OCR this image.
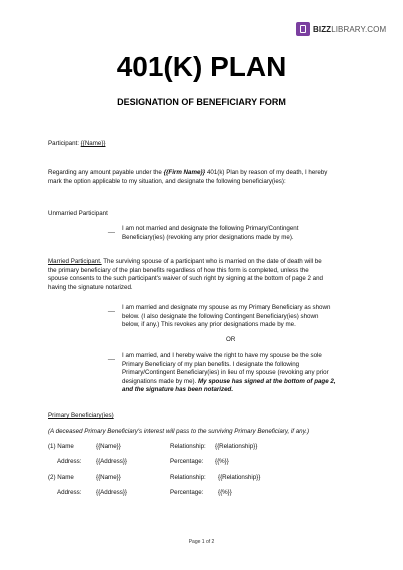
BIZZLIBRARY.COM
401(K) PLAN
DESIGNATION OF BENEFICIARY FORM
Participant: {{Name}}
Regarding any amount payable under the {{Firm Name}} 401(k) Plan by reason of my death, I hereby
mark the option applicable to my situation, and designate the following beneficiary(ies):
Unmarried Participant
__ I am not married and designate the following Primary/Contingent
Beneficiary(ies) (revoking any prior designations made by me).
Married Participant. The surviving spouse of a participant who is married on the date of death will be
the primary beneficiary of the plan benefits regardless of how this form is completed, unless the
spouse consents to the such participant's waiver of such right by signing at the bottom of page 2 and
having the signature notarized.
__ I am married and designate my spouse as my Primary Beneficiary as shown
below. (I also designate the following Contingent Beneficiary(ies) shown
below, if any.) This revokes any prior designations made by me.
OR
__ I am married, and I hereby waive the right to have my spouse be the sole
Primary Beneficiary of my plan benefits. I designate the following
Primary/Contingent Beneficiary(ies) in lieu of my spouse (revoking any prior
designations made by me). My spouse has signed at the bottom of page 2,
and the signature has been notarized.
Primary Beneficiary(ies)
(A deceased Primary Beneficiary's interest will pass to the surviving Primary Beneficiary, if any.)
(1) Name	{{Name}}	Relationship: {{Relationship}}
Address: {{Address}}	Percentage: {{%}}
(2) Name	{{Name}}	Relationship: {{Relationship}}
Address: {{Address}}	Percentage: {{%}}
Page 1 of 2
